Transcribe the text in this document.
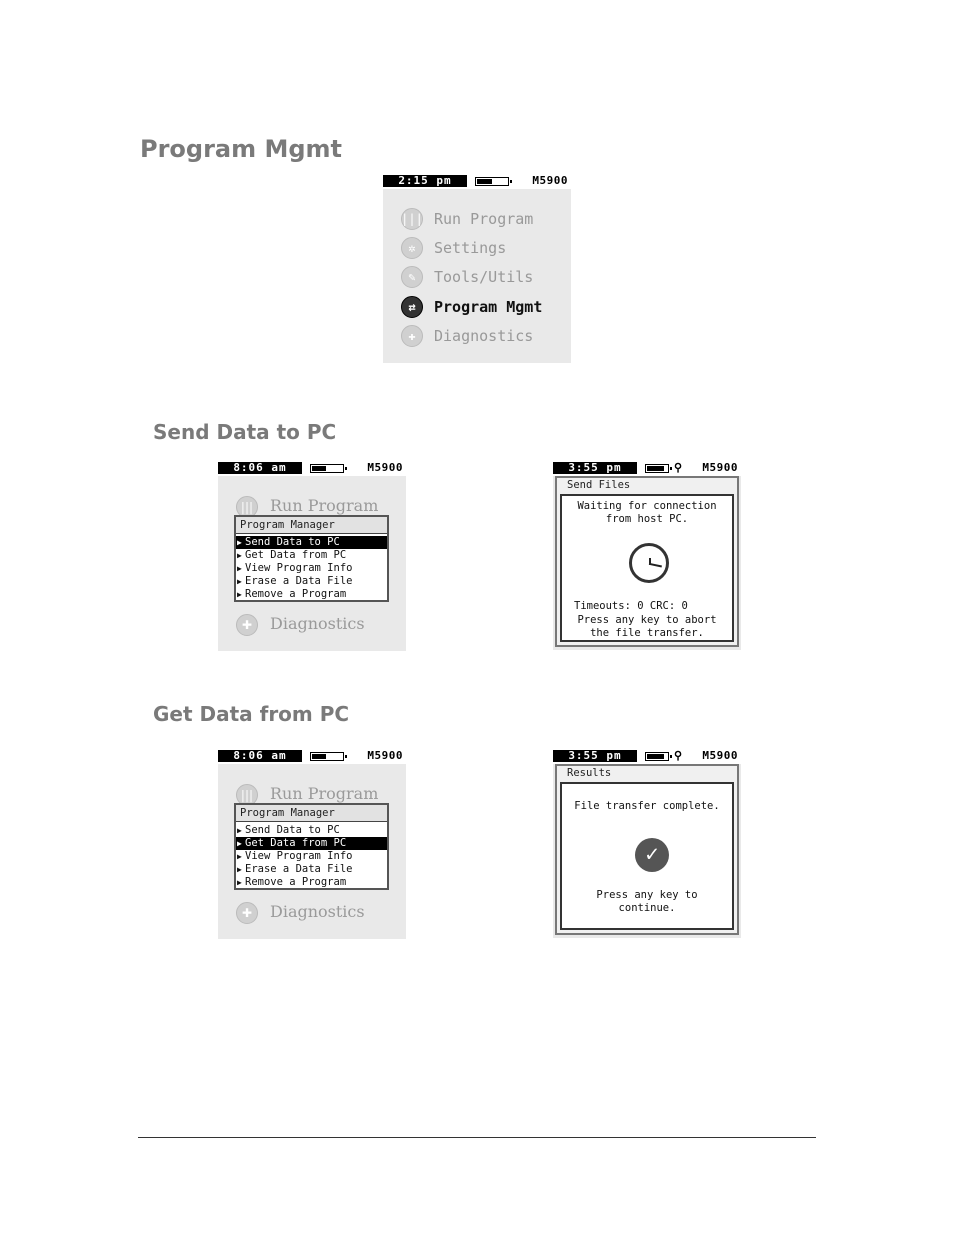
Program Mgmt
Send Data to PC
Get Data from PC
2:15 pm	M5900
||| Run Program
✲	Settings
✎	Tools/Utils
⇄	Program Mgmt
✚	Diagnostics
8:06 am	M5900
|||	Run Program
✚	Diagnostics
Program Manager
▶ Send Data to PC
▶ Get Data from PC
▶ View Program Info
▶ Erase a Data File
▶ Remove a Program
3:55 pm	⚲ M5900
Send Files
Waiting for connection
from host PC.
Timeouts: 0 CRC: 0
Press any key to abort
the file transfer.
8:06 am	M5900
|||	Run Program
✚	Diagnostics
Program Manager
▶ Send Data to PC
▶ Get Data from PC
▶ View Program Info
▶ Erase a Data File
▶ Remove a Program
3:55 pm	⚲ M5900
Results
File transfer complete.
✓
Press any key to
continue.
